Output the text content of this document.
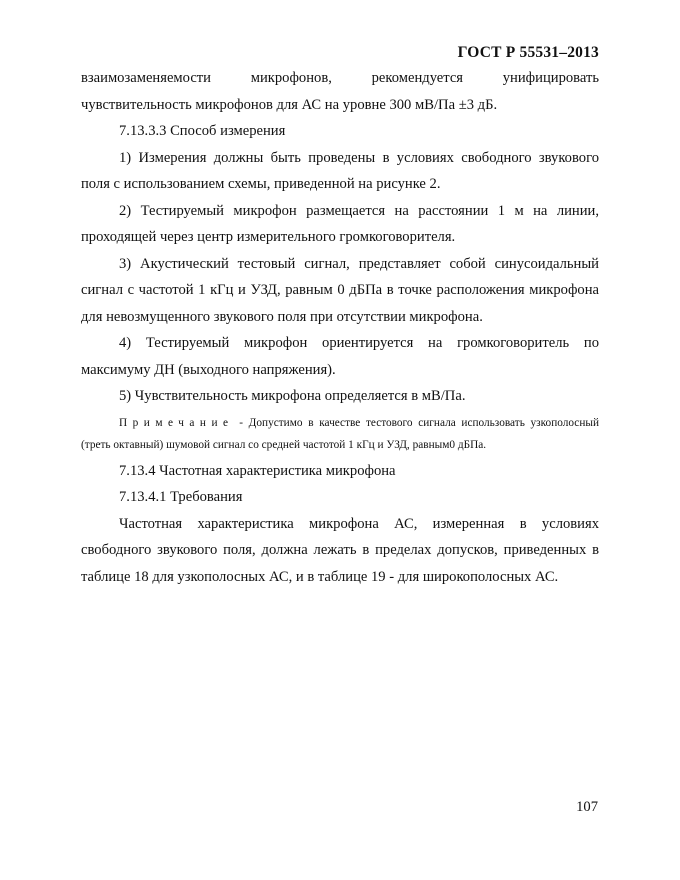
ГОСТ Р 55531–2013

взаимозаменяемости микрофонов, рекомендуется унифицировать чувствительность микрофонов для АС на уровне 300 мВ/Па ±3 дБ.

7.13.3.3 Способ измерения

1) Измерения должны быть проведены в условиях свободного звукового поля с использованием схемы, приведенной на рисунке 2.

2) Тестируемый микрофон размещается на расстоянии 1 м на линии, проходящей через центр измерительного громкоговорителя.

3) Акустический тестовый сигнал, представляет собой синусоидальный сигнал с частотой 1 кГц и УЗД, равным 0 дБПа в точке расположения микрофона для невозмущенного звукового поля при отсутствии микрофона.

4) Тестируемый микрофон ориентируется на громкоговоритель по максимуму ДН (выходного напряжения).

5) Чувствительность микрофона определяется в мВ/Па.

Примечание - Допустимо в качестве тестового сигнала использовать узкополосный (треть октавный) шумовой сигнал со средней частотой 1 кГц и УЗД, равным0 дБПа.

7.13.4 Частотная характеристика микрофона

7.13.4.1 Требования

Частотная характеристика микрофона АС, измеренная в условиях свободного звукового поля, должна лежать в пределах допусков, приведенных в таблице 18 для узкополосных АС, и в таблице 19 - для широкополосных АС.

107
